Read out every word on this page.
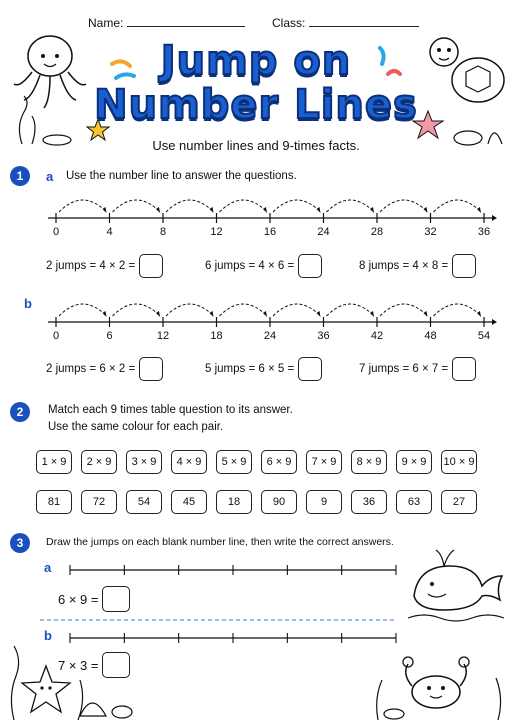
Name:	Class:
Jump on
Number Lines
Use number lines and 9-times facts.
1	a Use the number line to answer the questions.
0	4	8	12	16	24	28	32	36
2 jumps = 4 × 2 =	6 jumps = 4 × 6 =	8 jumps = 4 × 8 =
b
0	6	12	18	24	36	42	48	54
2 jumps = 6 × 2 =	5 jumps = 6 × 5 =	7 jumps = 6 × 7 =
2	Match each 9 times table question to its answer.
Use the same colour for each pair.
1 × 9	2 × 9	3 × 9	4 × 9	5 × 9	6 × 9	7 × 9	8 × 9	9 × 9	10 × 9
81	72	54	45	18	90	9	36	63	27
3	Draw the jumps on each blank number line, then write the correct answers.
a
6 × 9 =
b
7 × 3 =
